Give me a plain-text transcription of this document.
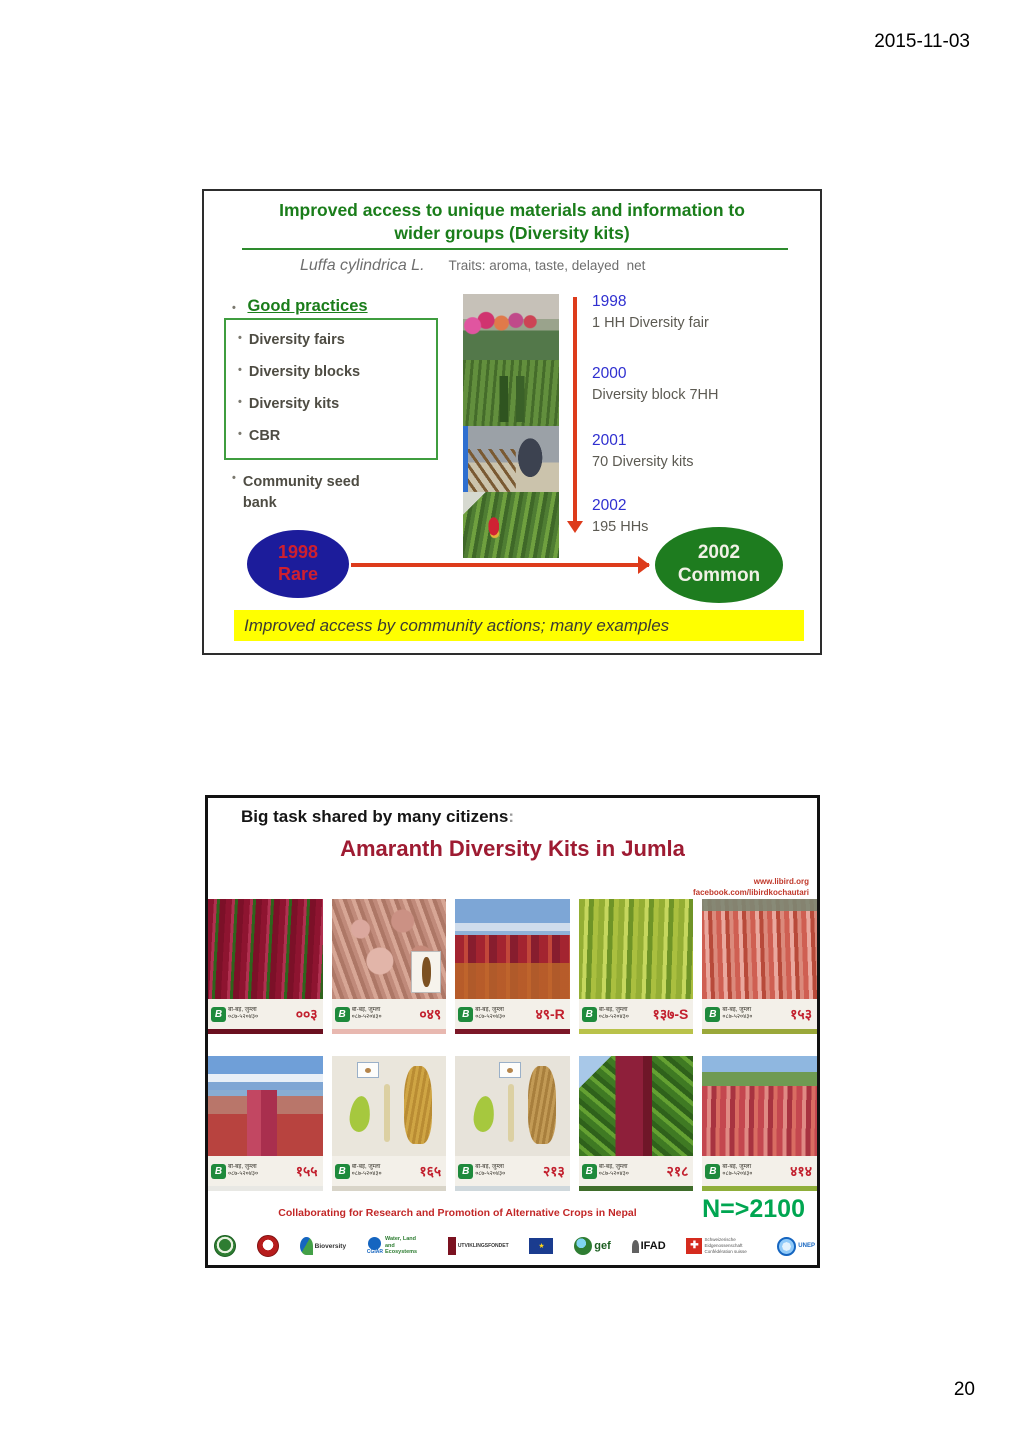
2015-11-03
Improved access to unique materials and information to
wider groups (Diversity kits)
Luffa cylindrica L. Traits: aroma, taste, delayed  net
• Good practices
• Diversity fairs
• Diversity blocks
• Diversity kits
• CBR
• Community seed
bank
1998
1 HH Diversity fair
2000
Diversity block 7HH
2001
70 Diversity kits
2002
195 HHs
1998
Rare
2002
Common
Improved access by community actions; many examples
Big task shared by many citizens:
Amaranth Diversity Kits in Jumla
www.libird.org
facebook.com/libirdkochautari
B बी-बई, जुम्ला
०८७-५२०४३०	००३	B बी-बई, जुम्ला
०८७-५२०४३०	०४९	B बी-बई, जुम्ला
०८७-५२०४३० ४९-R	B बी-बई, जुम्ला
०८७-५२०४३० १३७-S	B बी-बई, जुम्ला
०८७-५२०४३०	१५३
B बी-बई, जुम्ला
०८७-५२०४३०	१५५	B बी-बई, जुम्ला
०८७-५२०४३०	१६५	B बी-बई, जुम्ला
०८७-५२०४३०	२१३	B बी-बई, जुम्ला
०८७-५२०४३०	२१८	B बी-बई, जुम्ला
०८७-५२०४३०	४१४
Collaborating for Research and Promotion of Alternative Crops in Nepal	N=>2100
Bioversity
CGIAR
Water, Land and Ecosystems
UTVIKLINGSFONDET	★	gef	IFAD	✚
Schweizerische Eidgenossenschaft Confédération suisse
UNEP
20
